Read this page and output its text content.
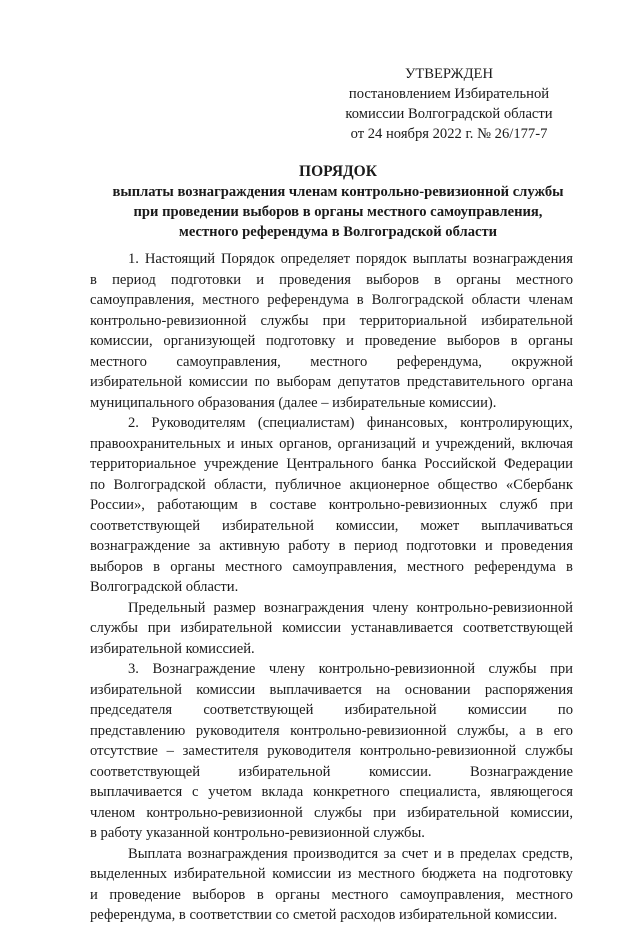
УТВЕРЖДЕН
постановлением Избирательной
комиссии Волгоградской области
от 24 ноября 2022 г. № 26/177-7
ПОРЯДОК
выплаты вознаграждения членам контрольно-ревизионной службы
при проведении выборов в органы местного самоуправления,
местного референдума в Волгоградской области

1. Настоящий Порядок определяет порядок выплаты вознаграждения
в период подготовки и проведения выборов в органы местного
самоуправления, местного референдума в Волгоградской области членам
контрольно-ревизионной службы при территориальной избирательной
комиссии, организующей подготовку и проведение выборов в органы
местного самоуправления, местного референдума, окружной
избирательной комиссии по выборам депутатов представительного органа
муниципального образования (далее – избирательные комиссии).

2. Руководителям (специалистам) финансовых, контролирующих,
правоохранительных и иных органов, организаций и учреждений, включая
территориальное учреждение Центрального банка Российской Федерации
по Волгоградской области, публичное акционерное общество «Сбербанк
России», работающим в составе контрольно-ревизионных служб при
соответствующей избирательной комиссии, может выплачиваться
вознаграждение за активную работу в период подготовки и проведения
выборов в органы местного самоуправления, местного референдума в
Волгоградской области.

Предельный размер вознаграждения члену контрольно-ревизионной
службы при избирательной комиссии устанавливается соответствующей
избирательной комиссией.

3. Вознаграждение члену контрольно-ревизионной службы при
избирательной комиссии выплачивается на основании распоряжения
председателя соответствующей избирательной комиссии по
представлению руководителя контрольно-ревизионной службы, а в его
отсутствие – заместителя руководителя контрольно-ревизионной службы
соответствующей	избирательной	комиссии.	Вознаграждение
выплачивается с учетом вклада конкретного специалиста, являющегося
членом контрольно-ревизионной службы при избирательной комиссии,
в работу указанной контрольно-ревизионной службы.

Выплата вознаграждения производится за счет и в пределах средств,
выделенных избирательной комиссии из местного бюджета на подготовку
и проведение выборов в органы местного самоуправления, местного
референдума, в соответствии со сметой расходов избирательной комиссии.
